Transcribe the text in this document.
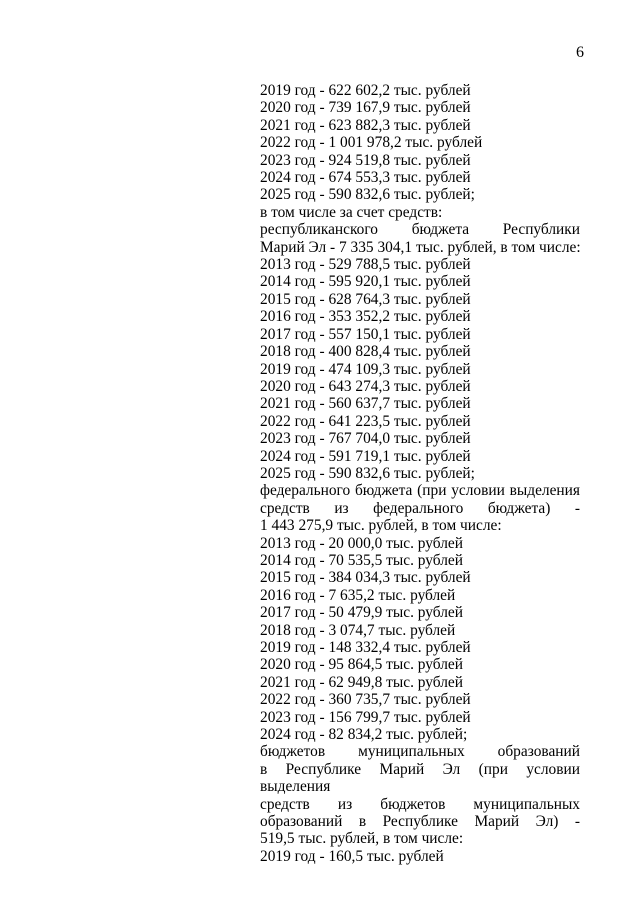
6
2019 год - 622 602,2 тыс. рублей
2020 год - 739 167,9 тыс. рублей
2021 год - 623 882,3 тыс. рублей
2022 год - 1 001 978,2 тыс. рублей
2023 год - 924 519,8 тыс. рублей
2024 год - 674 553,3 тыс. рублей
2025 год - 590 832,6 тыс. рублей;
в том числе за счет средств:
республиканского бюджета Республики
Марий Эл - 7 335 304,1 тыс. рублей, в том числе:
2013 год - 529 788,5 тыс. рублей
2014 год - 595 920,1 тыс. рублей
2015 год - 628 764,3 тыс. рублей
2016 год - 353 352,2 тыс. рублей
2017 год - 557 150,1 тыс. рублей
2018 год - 400 828,4 тыс. рублей
2019 год - 474 109,3 тыс. рублей
2020 год - 643 274,3 тыс. рублей
2021 год - 560 637,7 тыс. рублей
2022 год - 641 223,5 тыс. рублей
2023 год - 767 704,0 тыс. рублей
2024 год - 591 719,1 тыс. рублей
2025 год - 590 832,6 тыс. рублей;
федерального бюджета (при условии выделения
средств из федерального бюджета) -
1 443 275,9 тыс. рублей, в том числе:
2013 год - 20 000,0 тыс. рублей
2014 год - 70 535,5 тыс. рублей
2015 год - 384 034,3 тыс. рублей
2016 год - 7 635,2 тыс. рублей
2017 год - 50 479,9 тыс. рублей
2018 год - 3 074,7 тыс. рублей
2019 год - 148 332,4 тыс. рублей
2020 год - 95 864,5 тыс. рублей
2021 год - 62 949,8 тыс. рублей
2022 год - 360 735,7 тыс. рублей
2023 год - 156 799,7 тыс. рублей
2024 год - 82 834,2 тыс. рублей;
бюджетов муниципальных образований
в Республике Марий Эл (при условии выделения
средств из бюджетов муниципальных
образований в Республике Марий Эл) -
519,5 тыс. рублей, в том числе:
2019 год - 160,5 тыс. рублей
